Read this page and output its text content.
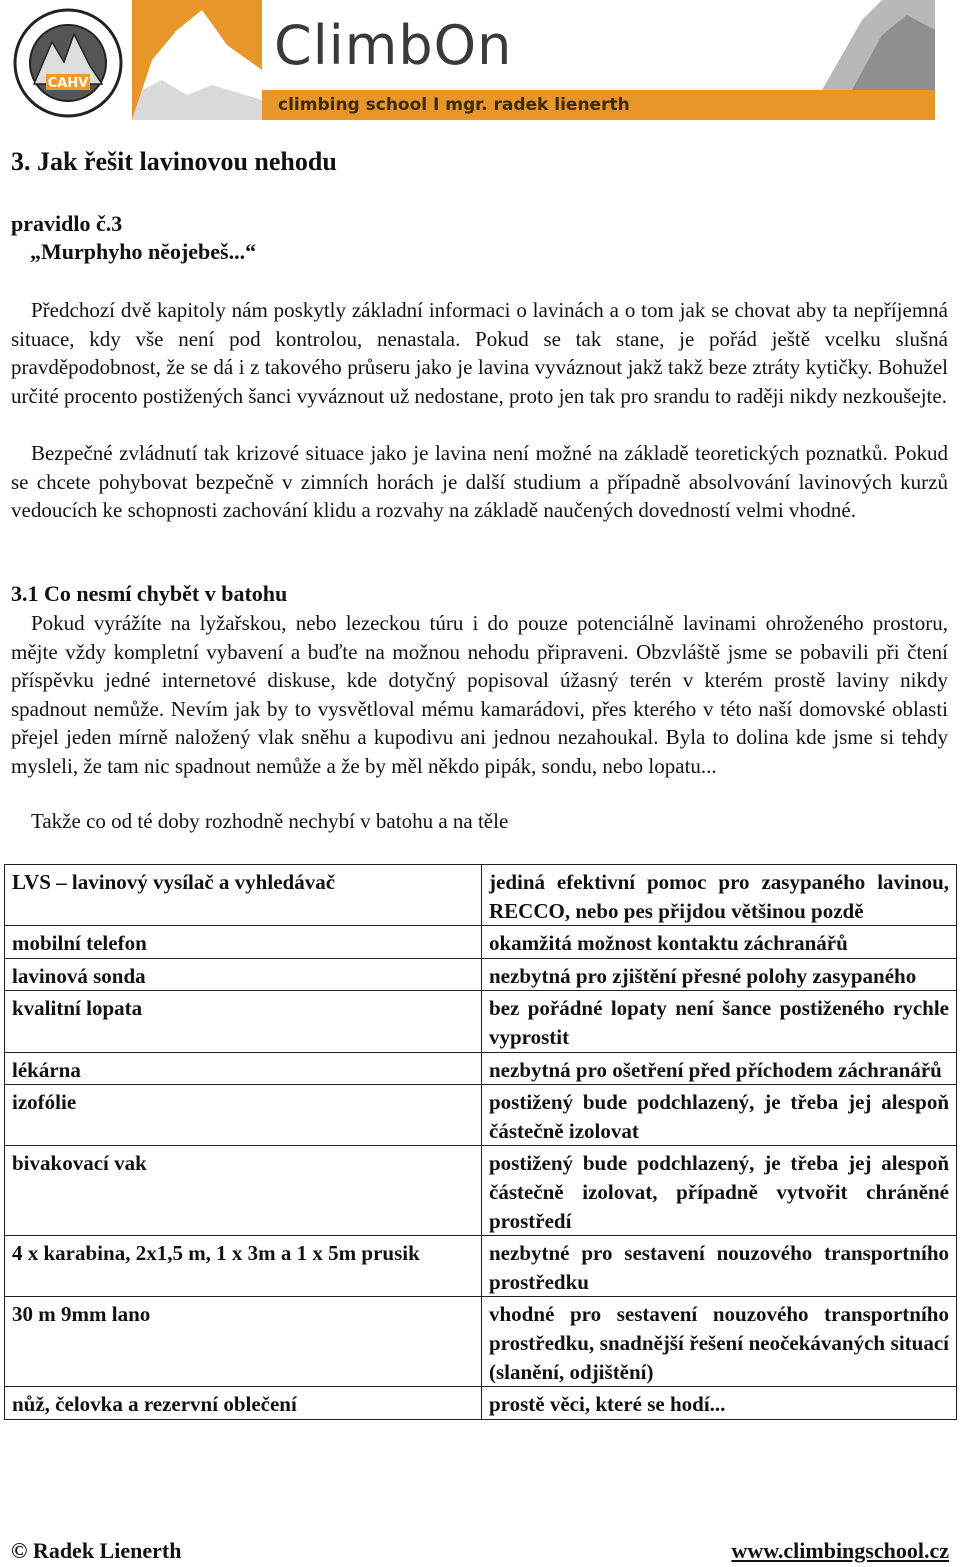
CAHV
ClimbOn
climbing school I mgr. radek lienerth
3. Jak řešit lavinovou nehodu
pravidlo č.3
„Murphyho nĕojebeš...“
Předchozí dvě kapitoly nám poskytly základní informaci o lavinách a o tom jak se chovat aby ta nepříjemná situace, kdy vše není pod kontrolou, nenastala. Pokud se tak stane, je pořád ještě vcelku slušná pravděpodobnost, že se dá i z takového průseru jako je lavina vyváznout jakž takž beze ztráty kytičky. Bohužel určité procento postižených šanci vyváznout už nedostane, proto jen tak pro srandu to raději nikdy nezkoušejte.
Bezpečné zvládnutí tak krizové situace jako je lavina není možné na základě teoretických poznatků. Pokud se chcete pohybovat bezpečně v zimních horách je další studium a případně absolvování lavinových kurzů vedoucích ke schopnosti zachování klidu a rozvahy na základě naučených dovedností velmi vhodné.
3.1 Co nesmí chybět v batohu
Pokud vyrážíte na lyžařskou, nebo lezeckou túru i do pouze potenciálně lavinami ohroženého prostoru, mějte vždy kompletní vybavení a buďte na možnou nehodu připraveni. Obzvláště jsme se pobavili při čtení příspěvku jedné internetové diskuse, kde dotyčný popisoval úžasný terén v kterém prostě laviny nikdy spadnout nemůže. Nevím jak by to vysvětloval mému kamarádovi, přes kterého v této naší domovské oblasti přejel jeden mírně naložený vlak sněhu a kupodivu ani jednou nezahoukal. Byla to dolina kde jsme si tehdy mysleli, že tam nic spadnout nemůže a že by měl někdo pipák, sondu, nebo lopatu...
Takže co od té doby rozhodně nechybí v batohu a na těle
LVS – lavinový vysílač a vyhledávač	jediná efektivní pomoc pro zasypaného lavinou, RECCO, nebo pes přijdou většinou pozdě
mobilní telefon	okamžitá možnost kontaktu záchranářů
lavinová sonda	nezbytná pro zjištění přesné polohy zasypaného
kvalitní lopata	bez pořádné lopaty není šance postiženého rychle vyprostit
lékárna	nezbytná pro ošetření před příchodem záchranářů
izofólie	postižený bude podchlazený, je třeba jej alespoň částečně izolovat
bivakovací vak	postižený bude podchlazený, je třeba jej alespoň částečně izolovat, případně vytvořit chráněné prostředí
4 x karabina, 2x1,5 m, 1 x 3m a 1 x 5m prusik	nezbytné pro sestavení nouzového transportního prostředku
30 m 9mm lano	vhodné pro sestavení nouzového transportního prostředku, snadnější řešení neočekávaných situací (slanění, odjištění)
nůž, čelovka a rezervní oblečení	prostě věci, které se hodí...
© Radek Lienerth	www.climbingschool.cz
